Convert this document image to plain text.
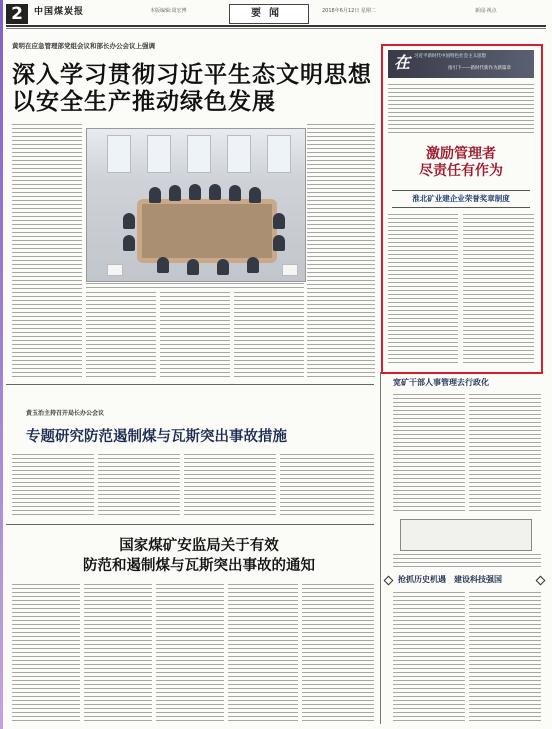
2	中国煤炭报	本版编辑:周宏博	要闻	2018年6月12日 星期二	新闻·视点
黄明在应急管理部党组会议和部长办公会议上强调
深入学习贯彻习近平生态文明思想
以安全生产推动绿色发展
在 习近平新时代中国特色社会主义思想
指引下——新时代新作为新篇章
激励管理者
尽责任有作为
淮北矿业建企业荣誉奖章制度
宽矿干部人事管理去行政化
抢抓历史机遇　建设科技强国
黄玉治主持召开局长办公会议
专题研究防范遏制煤与瓦斯突出事故措施
国家煤矿安监局关于有效
防范和遏制煤与瓦斯突出事故的通知
